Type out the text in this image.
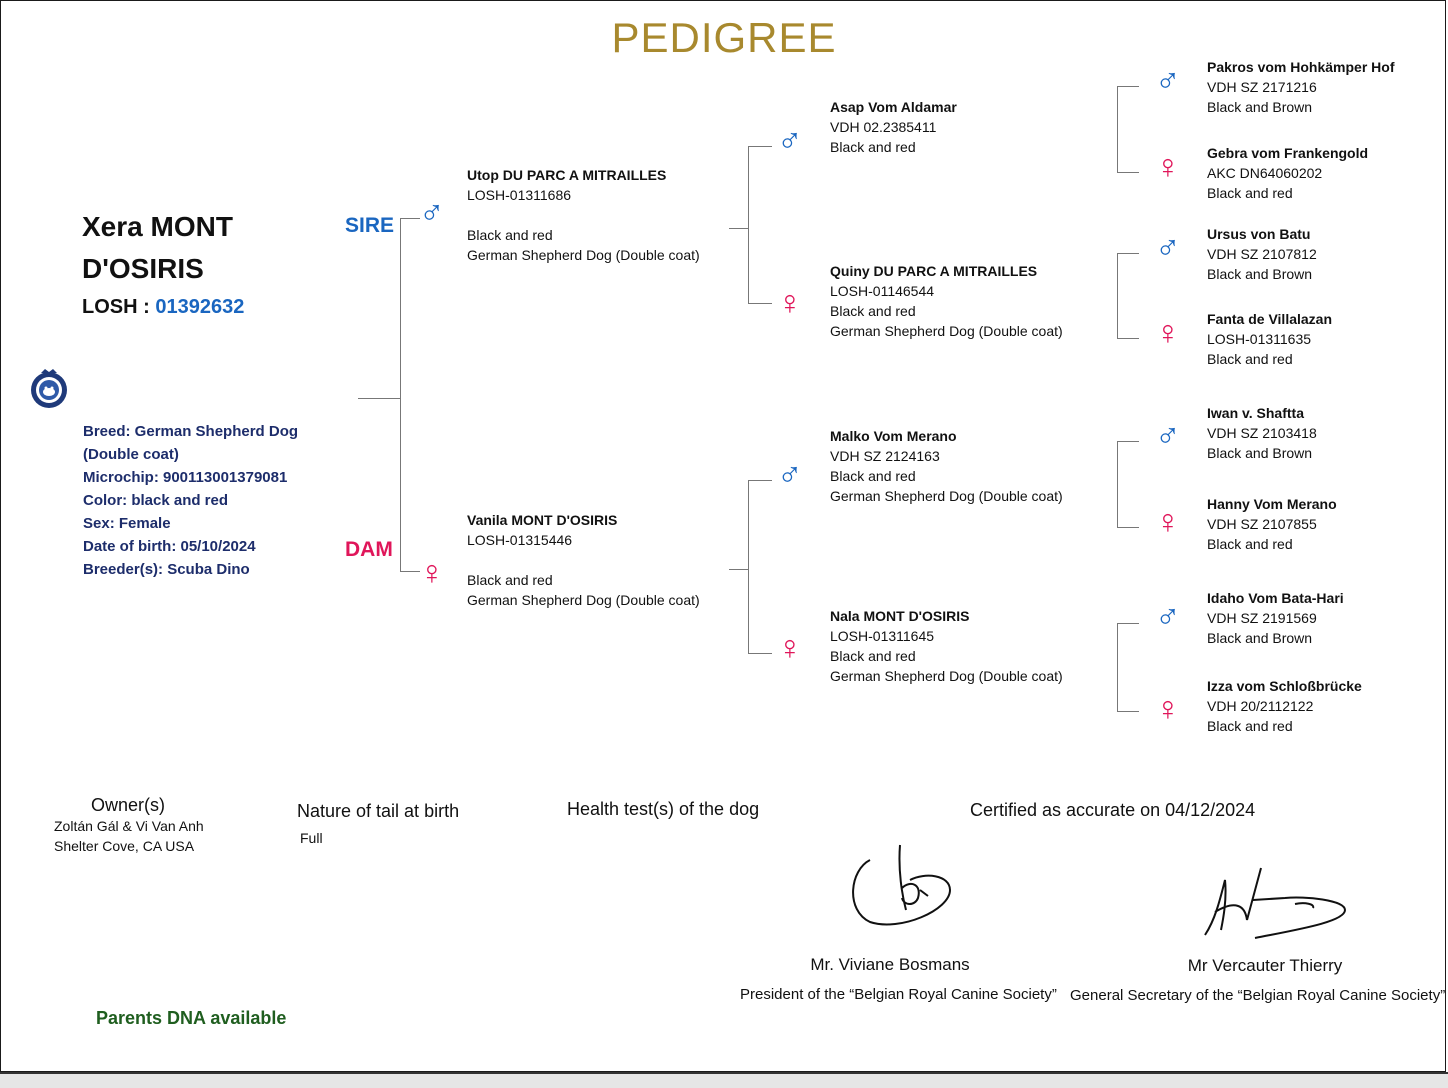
PEDIGREE
Xera MONT
D'OSIRIS
LOSH : 01392632
Breed: German Shepherd Dog
(Double coat)
Microchip: 900113001379081
Color: black and red
Sex: Female
Date of birth: 05/10/2024
Breeder(s): Scuba Dino
SIRE
DAM
♂
Utop DU PARC A MITRAILLES
LOSH-01311686
Black and red
German Shepherd Dog (Double coat)
♀
Vanila MONT D'OSIRIS
LOSH-01315446
Black and red
German Shepherd Dog (Double coat)
♂
Asap Vom Aldamar
VDH 02.2385411
Black and red
♀
Quiny DU PARC A MITRAILLES
LOSH-01146544
Black and red
German Shepherd Dog (Double coat)
♂
Malko Vom Merano
VDH SZ 2124163
Black and red
German Shepherd Dog (Double coat)
♀
Nala MONT D'OSIRIS
LOSH-01311645
Black and red
German Shepherd Dog (Double coat)
♂ Pakros vom Hohkämper Hof
VDH SZ 2171216
Black and Brown
♀ Gebra vom Frankengold
AKC DN64060202
Black and red
♂ Ursus von Batu
VDH SZ 2107812
Black and Brown
♀ Fanta de Villalazan
LOSH-01311635
Black and red
♂
Iwan v. Shaftta
VDH SZ 2103418
Black and Brown
♀ Hanny Vom Merano
VDH SZ 2107855
Black and red
♂ Idaho Vom Bata-Hari
VDH SZ 2191569
Black and Brown
♀
Izza vom Schloßbrücke
VDH 20/2112122
Black and red
Owner(s)
Zoltán Gál & Vi Van Anh
Shelter Cove, CA USA
Nature of tail at birth
Full
Health test(s) of the dog	Certified as accurate on 04/12/2024
Mr. Viviane Bosmans
President of the “Belgian Royal Canine Society”
Mr Vercauter Thierry
General Secretary of the “Belgian Royal Canine Society”
Parents DNA available
